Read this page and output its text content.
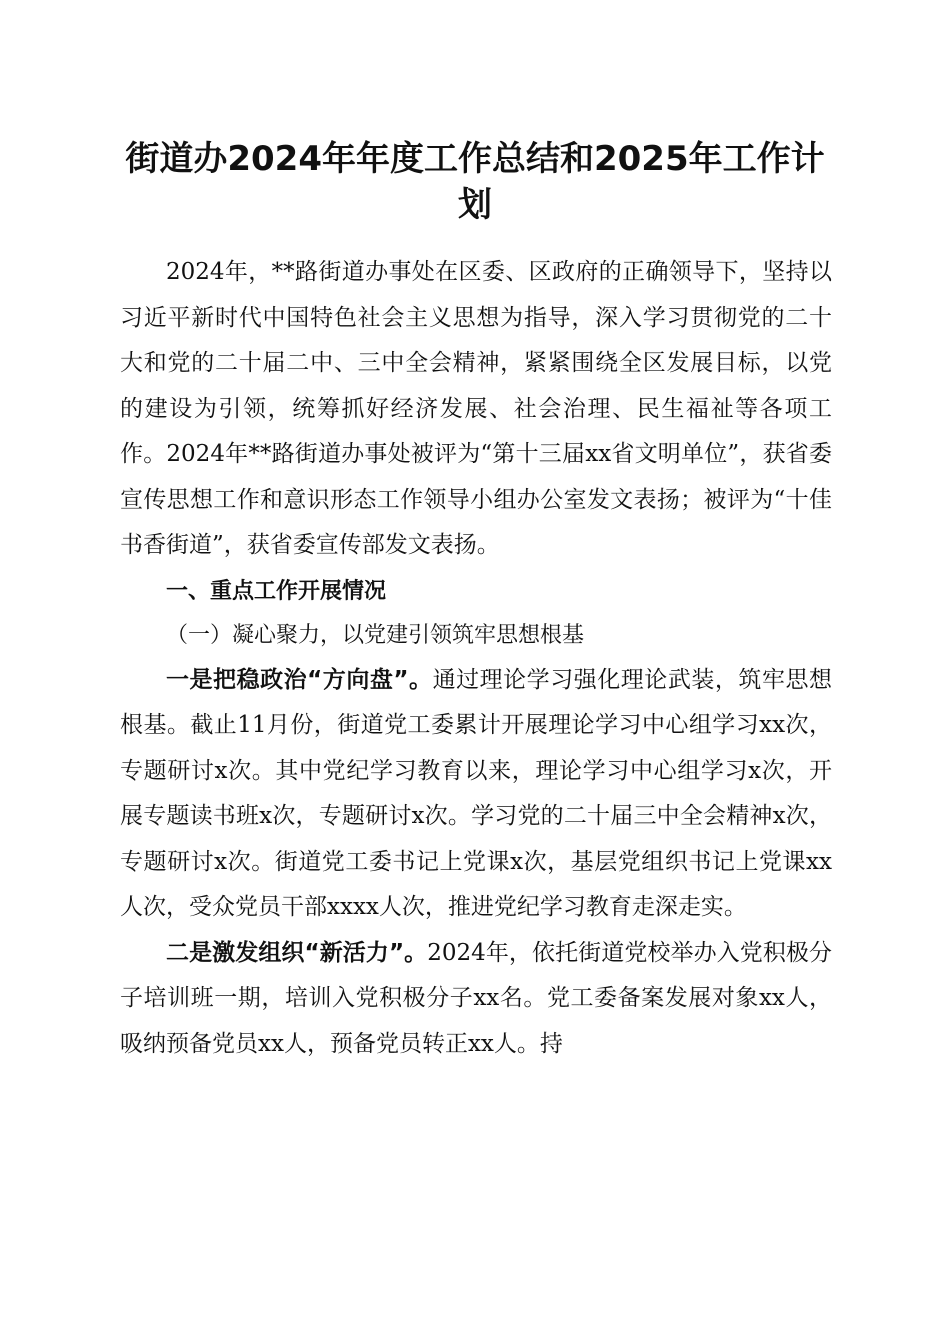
街道办2024年年度工作总结和2025年工作计划

2024年，**路街道办事处在区委、区政府的正确领导下，坚持以习近平新时代中国特色社会主义思想为指导，深入学习贯彻党的二十大和党的二十届二中、三中全会精神，紧紧围绕全区发展目标，以党的建设为引领，统筹抓好经济发展、社会治理、民生福祉等各项工作。2024年**路街道办事处被评为“第十三届xx省文明单位”，获省委宣传思想工作和意识形态工作领导小组办公室发文表扬；被评为“十佳书香街道”，获省委宣传部发文表扬。

一、重点工作开展情况

（一）凝心聚力，以党建引领筑牢思想根基

一是把稳政治“方向盘”。通过理论学习强化理论武装，筑牢思想根基。截止11月份，街道党工委累计开展理论学习中心组学习xx次，专题研讨x次。其中党纪学习教育以来，理论学习中心组学习x次，开展专题读书班x次，专题研讨x次。学习党的二十届三中全会精神x次，专题研讨x次。街道党工委书记上党课x次，基层党组织书记上党课xx人次，受众党员干部xxxx人次，推进党纪学习教育走深走实。

二是激发组织“新活力”。2024年，依托街道党校举办入党积极分子培训班一期，培训入党积极分子xx名。党工委备案发展对象xx人，吸纳预备党员xx人，预备党员转正xx人。持
